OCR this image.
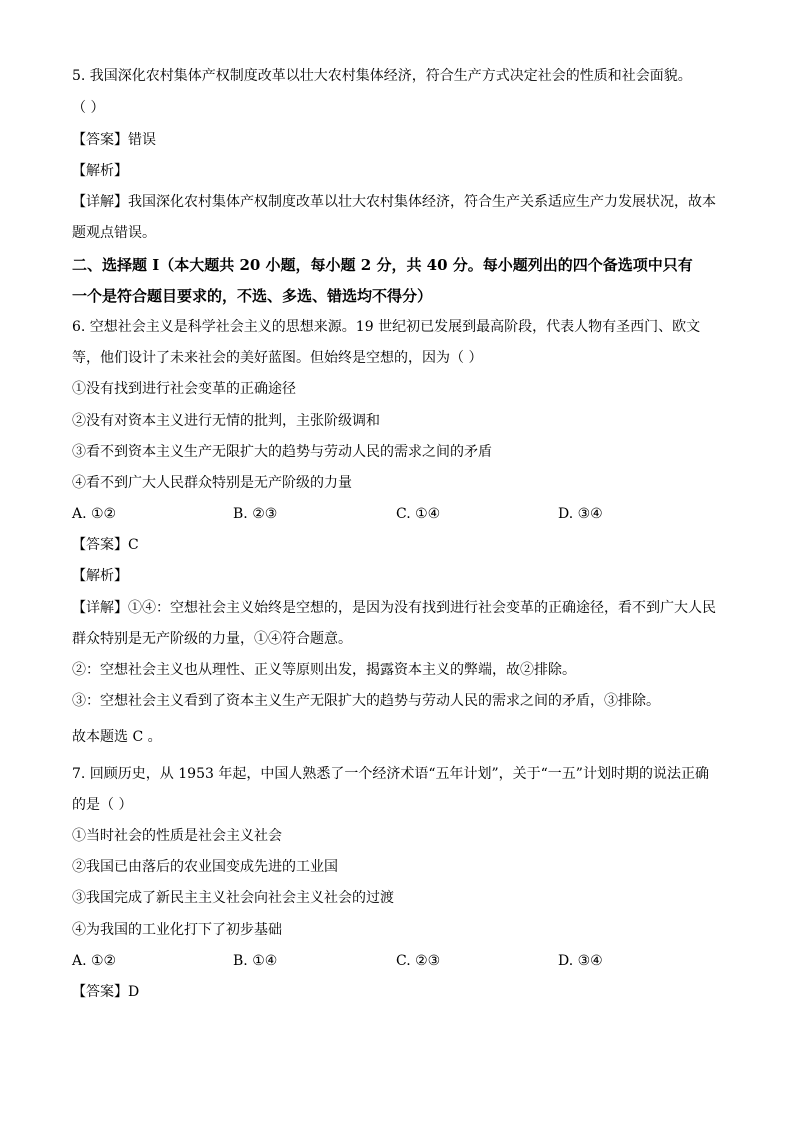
5. 我国深化农村集体产权制度改革以壮大农村集体经济，符合生产方式决定社会的性质和社会面貌。
（ ）
【答案】错误
【解析】
【详解】我国深化农村集体产权制度改革以壮大农村集体经济，符合生产关系适应生产力发展状况，故本
题观点错误。
二、选择题 I（本大题共 20 小题，每小题 2 分，共 40 分。每小题列出的四个备选项中只有
一个是符合题目要求的，不选、多选、错选均不得分）
6. 空想社会主义是科学社会主义的思想来源。19 世纪初已发展到最高阶段，代表人物有圣西门、欧文
等，他们设计了未来社会的美好蓝图。但始终是空想的，因为（ ）
①没有找到进行社会变革的正确途径
②没有对资本主义进行无情的批判，主张阶级调和
③看不到资本主义生产无限扩大的趋势与劳动人民的需求之间的矛盾
④看不到广大人民群众特别是无产阶级的力量
A. ①②	B. ②③	C. ①④	D. ③④
【答案】C
【解析】
【详解】①④：空想社会主义始终是空想的，是因为没有找到进行社会变革的正确途径，看不到广大人民
群众特别是无产阶级的力量，①④符合题意。
②：空想社会主义也从理性、正义等原则出发，揭露资本主义的弊端，故②排除。
③：空想社会主义看到了资本主义生产无限扩大的趋势与劳动人民的需求之间的矛盾，③排除。
故本题选 C 。
7. 回顾历史，从 1953 年起，中国人熟悉了一个经济术语“五年计划”，关于“一五”计划时期的说法正确
的是（ ）
①当时社会的性质是社会主义社会
②我国已由落后的农业国变成先进的工业国
③我国完成了新民主主义社会向社会主义社会的过渡
④为我国的工业化打下了初步基础
A. ①②	B. ①④	C. ②③	D. ③④
【答案】D
